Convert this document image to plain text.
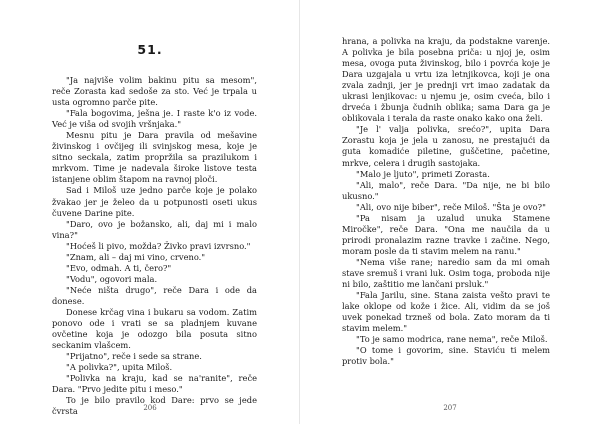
51.

"Ja najviše volim bakinu pitu sa mesom", reče Zorasta kad sedoše za sto. Već je trpala u usta ogromno parče pite.

"Fala bogovima, ješna je. I raste k'o iz vode. Već je viša od svojih vršnjaka."

Mesnu pitu je Dara pravila od mešavine živinskog i ovčijeg ili svinjskog mesa, koje je sitno seckala, zatim propržila sa prazilukom i mrkvom. Time je nadevala široke listove testa istanjene oblim štapom na ravnoj ploči.

Sad i Miloš uze jedno parče koje je polako žvakao jer je želeo da u potpunosti oseti ukus čuvene Darine pite.

"Daro, ovo je božansko, ali, daj mi i malo vina?"

"Hoćeš li pivo, možda? Živko pravi izvrsno."

"Znam, ali – daj mi vino, crveno."

"Evo, odmah. A ti, čero?"

"Vodu", ogovori mala.

"Neće ništa drugo", reče Dara i ode da donese.

Donese krčag vina i bukaru sa vodom. Zatim ponovo ode i vrati se sa pladnjem kuvane ovčetine koja je odozgo bila posuta sitno seckanim vlašcem.

"Prijatno", reče i sede sa strane.

"A polivka?", upita Miloš.

"Polivka na kraju, kad se na'ranite", reče Dara. "Prvo jedite pitu i meso."

To je bilo pravilo kod Dare: prvo se jede čvrsta	206

hrana, a polivka na kraju, da podstakne varenje. A polivka je bila posebna priča: u njoj je, osim mesa, ovoga puta živinskog, bilo i povrća koje je Dara uzgajala u vrtu iza letnjikovca, koji je ona zvala zadnji, jer je prednji vrt imao zadatak da ukrasi lenjikovac: u njemu je, osim cveća, bilo i drveća i žbunja čudnih oblika; sama Dara ga je oblikovala i terala da raste onako kako ona želi.

"Je l' valja polivka, srećo?", upita Dara Zorastu koja je jela u zanosu, ne prestajući da guta komadiće piletine, guščetine, pačetine, mrkve, celera i drugih sastojaka.

"Malo je ljuto", primeti Zorasta.

"Ali, malo", reče Dara. "Da nije, ne bi bilo ukusno."

"Ali, ovo nije biber", reče Miloš. "Šta je ovo?"

"Pa nisam ja uzalud unuka Stamene Miročke", reče Dara. "Ona me naučila da u prirodi pronalazim razne travke i začine. Nego, moram posle da ti stavim melem na ranu."

"Nema više rane; naredio sam da mi omah stave sremuš i vrani luk. Osim toga, proboda nije ni bilo, zaštitio me lančani prsluk."

"Fala Jarilu, sine. Stana zaista vešto pravi te lake oklope od kože i žice. Ali, vidim da se još uvek ponekad trzneš od bola. Zato moram da ti stavim melem."

"To je samo modrica, rane nema", reče Miloš.

"O tome i govorim, sine. Staviću ti melem protiv bola."

207
